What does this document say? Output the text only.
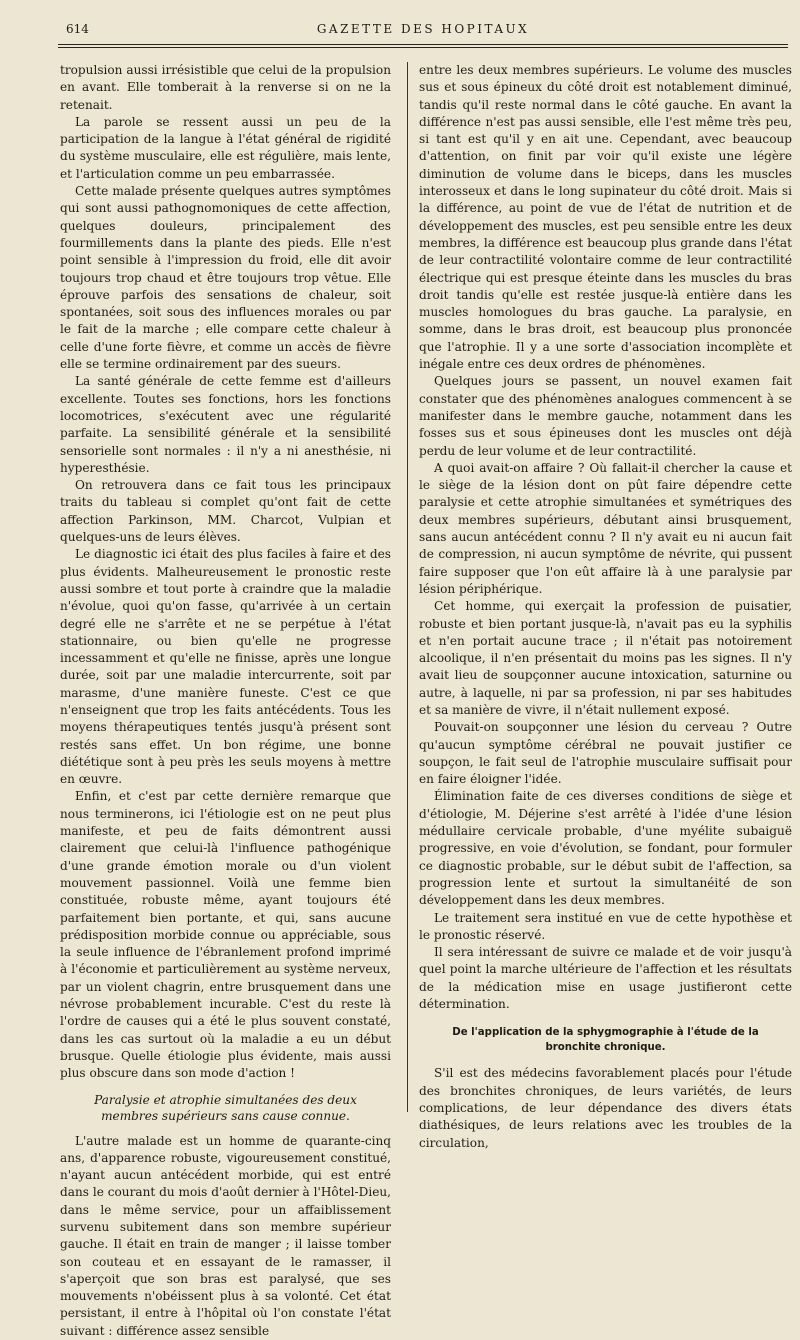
614	GAZETTE DES HOPITAUX

tropulsion aussi irrésistible que celui de la propulsion en avant. Elle tomberait à la renverse si on ne la retenait.

La parole se ressent aussi un peu de la participation de la langue à l'état général de rigidité du système musculaire, elle est régulière, mais lente, et l'articulation comme un peu embarrassée.

Cette malade présente quelques autres symptômes qui sont aussi pathognomoniques de cette affection, quelques douleurs, principalement des fourmillements dans la plante des pieds. Elle n'est point sensible à l'impression du froid, elle dit avoir toujours trop chaud et être toujours trop vêtue. Elle éprouve parfois des sensations de chaleur, soit spontanées, soit sous des influences morales ou par le fait de la marche ; elle compare cette chaleur à celle d'une forte fièvre, et comme un accès de fièvre elle se termine ordinairement par des sueurs.

La santé générale de cette femme est d'ailleurs excellente. Toutes ses fonctions, hors les fonctions locomotrices, s'exécutent avec une régularité parfaite. La sensibilité générale et la sensibilité sensorielle sont normales : il n'y a ni anesthésie, ni hyperesthésie.

On retrouvera dans ce fait tous les principaux traits du tableau si complet qu'ont fait de cette affection Parkinson, MM. Charcot, Vulpian et quelques-uns de leurs élèves.

Le diagnostic ici était des plus faciles à faire et des plus évidents. Malheureusement le pronostic reste aussi sombre et tout porte à craindre que la maladie n'évolue, quoi qu'on fasse, qu'arrivée à un certain degré elle ne s'arrête et ne se perpétue à l'état stationnaire, ou bien qu'elle ne progresse incessamment et qu'elle ne finisse, après une longue durée, soit par une maladie intercurrente, soit par marasme, d'une manière funeste. C'est ce que n'enseignent que trop les faits antécédents. Tous les moyens thérapeutiques tentés jusqu'à présent sont restés sans effet. Un bon régime, une bonne diététique sont à peu près les seuls moyens à mettre en œuvre.

Enfin, et c'est par cette dernière remarque que nous terminerons, ici l'étiologie est on ne peut plus manifeste, et peu de faits démontrent aussi clairement que celui-là l'influence pathogénique d'une grande émotion morale ou d'un violent mouvement passionnel. Voilà une femme bien constituée, robuste même, ayant toujours été parfaitement bien portante, et qui, sans aucune prédisposition morbide connue ou appréciable, sous la seule influence de l'ébranlement profond imprimé à l'économie et particulièrement au système nerveux, par un violent chagrin, entre brusquement dans une névrose probablement incurable. C'est du reste là l'ordre de causes qui a été le plus souvent constaté, dans les cas surtout où la maladie a eu un début brusque. Quelle étiologie plus évidente, mais aussi plus obscure dans son mode d'action !

Paralysie et atrophie simultanées des deux membres supérieurs sans cause connue.

L'autre malade est un homme de quarante-cinq ans, d'apparence robuste, vigoureusement constitué, n'ayant aucun antécédent morbide, qui est entré dans le courant du mois d'août dernier à l'Hôtel-Dieu, dans le même service, pour un affaiblissement survenu subitement dans son membre supérieur gauche. Il était en train de manger ; il laisse tomber son couteau et en essayant de le ramasser, il s'aperçoit que son bras est paralysé, que ses mouvements n'obéissent plus à sa volonté. Cet état persistant, il entre à l'hôpital où l'on constate l'état suivant : différence assez sensible

entre les deux membres supérieurs. Le volume des muscles sus et sous épineux du côté droit est notablement diminué, tandis qu'il reste normal dans le côté gauche. En avant la différence n'est pas aussi sensible, elle l'est même très peu, si tant est qu'il y en ait une. Cependant, avec beaucoup d'attention, on finit par voir qu'il existe une légère diminution de volume dans le biceps, dans les muscles interosseux et dans le long supinateur du côté droit. Mais si la différence, au point de vue de l'état de nutrition et de développement des muscles, est peu sensible entre les deux membres, la différence est beaucoup plus grande dans l'état de leur contractilité volontaire comme de leur contractilité électrique qui est presque éteinte dans les muscles du bras droit tandis qu'elle est restée jusque-là entière dans les muscles homologues du bras gauche. La paralysie, en somme, dans le bras droit, est beaucoup plus prononcée que l'atrophie. Il y a une sorte d'association incomplète et inégale entre ces deux ordres de phénomènes.

Quelques jours se passent, un nouvel examen fait constater que des phénomènes analogues commencent à se manifester dans le membre gauche, notamment dans les fosses sus et sous épineuses dont les muscles ont déjà perdu de leur volume et de leur contractilité.

A quoi avait-on affaire ? Où fallait-il chercher la cause et le siège de la lésion dont on pût faire dépendre cette paralysie et cette atrophie simultanées et symétriques des deux membres supérieurs, débutant ainsi brusquement, sans aucun antécédent connu ? Il n'y avait eu ni aucun fait de compression, ni aucun symptôme de névrite, qui pussent faire supposer que l'on eût affaire là à une paralysie par lésion périphérique.

Cet homme, qui exerçait la profession de puisatier, robuste et bien portant jusque-là, n'avait pas eu la syphilis et n'en portait aucune trace ; il n'était pas notoirement alcoolique, il n'en présentait du moins pas les signes. Il n'y avait lieu de soupçonner aucune intoxication, saturnine ou autre, à laquelle, ni par sa profession, ni par ses habitudes et sa manière de vivre, il n'était nullement exposé.

Pouvait-on soupçonner une lésion du cerveau ? Outre qu'aucun symptôme cérébral ne pouvait justifier ce soupçon, le fait seul de l'atrophie musculaire suffisait pour en faire éloigner l'idée.

Élimination faite de ces diverses conditions de siège et d'étiologie, M. Déjerine s'est arrêté à l'idée d'une lésion médullaire cervicale probable, d'une myélite subaiguë progressive, en voie d'évolution, se fondant, pour formuler ce diagnostic probable, sur le début subit de l'affection, sa progression lente et surtout la simultanéité de son développement dans les deux membres.

Le traitement sera institué en vue de cette hypothèse et le pronostic réservé.

Il sera intéressant de suivre ce malade et de voir jusqu'à quel point la marche ultérieure de l'affection et les résultats de la médication mise en usage justifieront cette détermination.

De l'application de la sphygmographie à l'étude de la bronchite chronique.

S'il est des médecins favorablement placés pour l'étude des bronchites chroniques, de leurs variétés, de leurs complications, de leur dépendance des divers états diathésiques, de leurs relations avec les troubles de la circulation,
